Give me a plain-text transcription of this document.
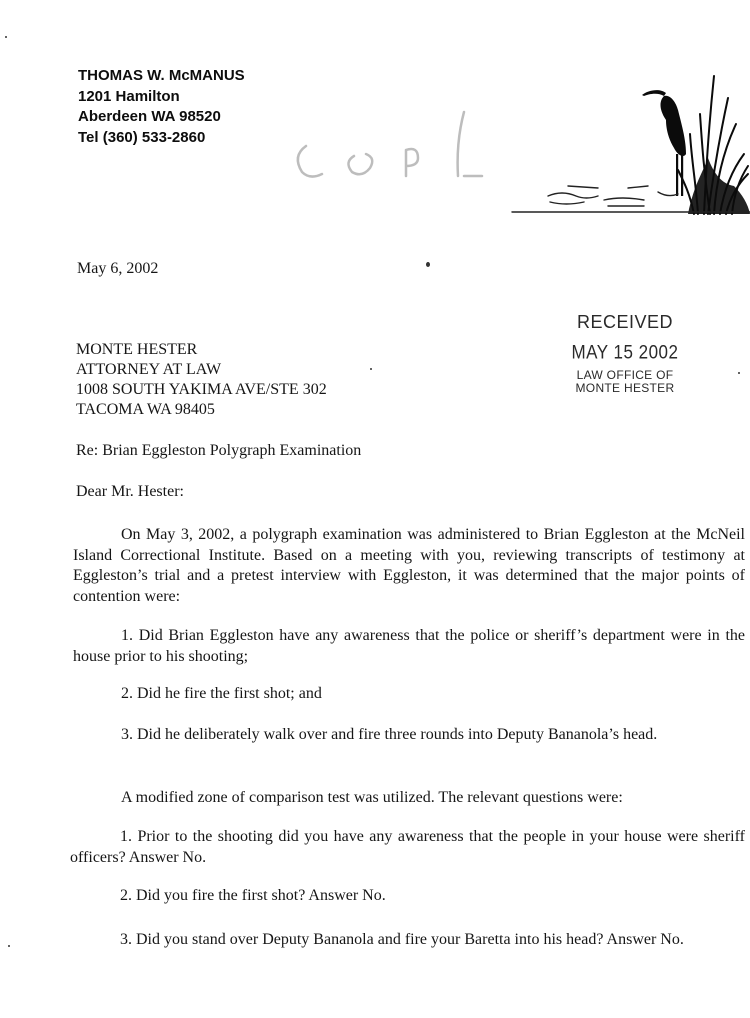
THOMAS W. McMANUS
1201 Hamilton
Aberdeen WA 98520
Tel (360) 533-2860
May 6, 2002
MONTE HESTER
ATTORNEY AT LAW
1008 SOUTH YAKIMA AVE/STE 302
TACOMA WA 98405
RECEIVED
MAY 15 2002
LAW OFFICE OF
MONTE HESTER
Re: Brian Eggleston Polygraph Examination
Dear Mr. Hester:
On May 3, 2002, a polygraph examination was administered to Brian Eggleston at the McNeil Island Correctional Institute. Based on a meeting with you, reviewing transcripts of testimony at Eggleston’s trial and a pretest interview with Eggleston, it was determined that the major points of contention were:
1. Did Brian Eggleston have any awareness that the police or sheriff’s department were in the house prior to his shooting;
2. Did he fire the first shot; and
3. Did he deliberately walk over and fire three rounds into Deputy Bananola’s head.
A modified zone of comparison test was utilized. The relevant questions were:
1. Prior to the shooting did you have any awareness that the people in your house were sheriff officers? Answer No.
2. Did you fire the first shot? Answer No.
3. Did you stand over Deputy Bananola and fire your Baretta into his head? Answer No.
